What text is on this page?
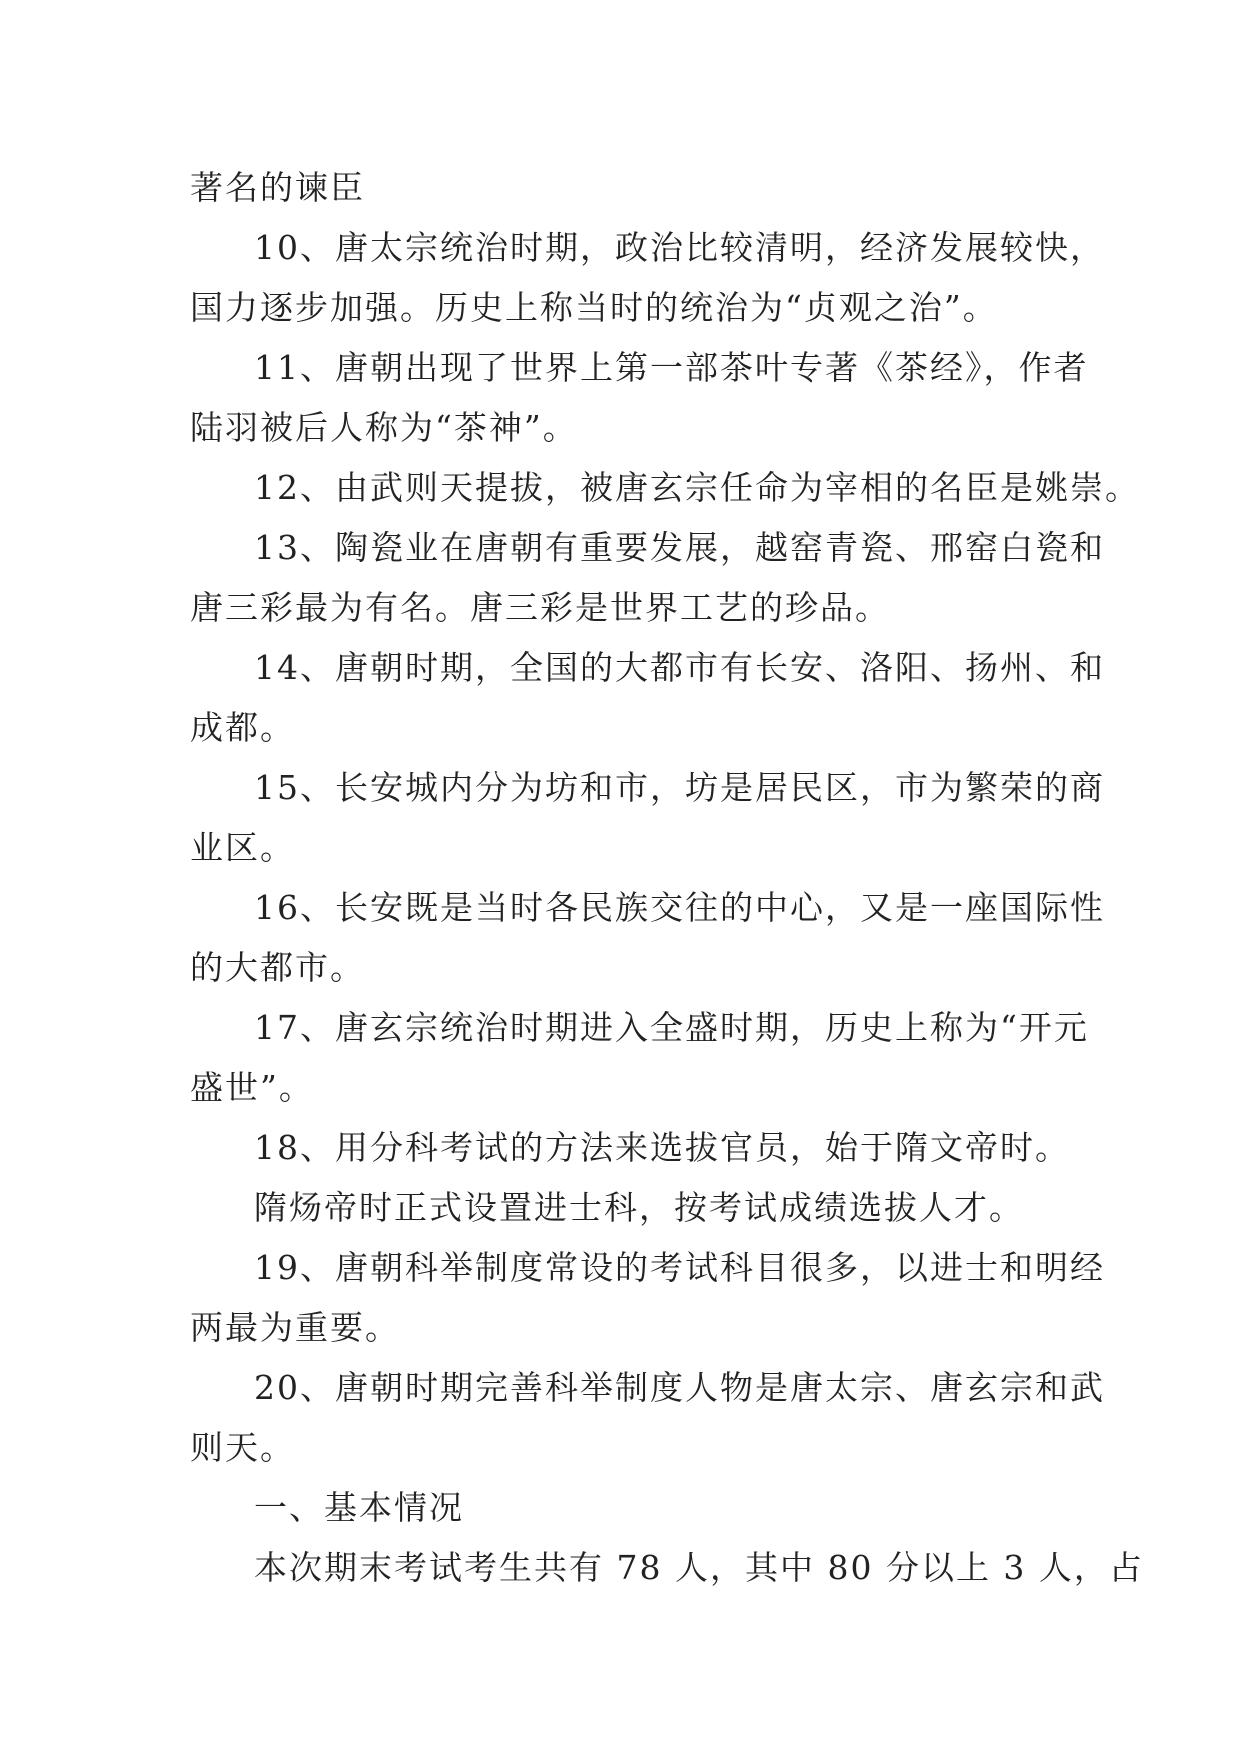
著名的谏臣
10、唐太宗统治时期，政治比较清明，经济发展较快，
国力逐步加强。历史上称当时的统治为“贞观之治”。
11、唐朝出现了世界上第一部茶叶专著《茶经》，作者
陆羽被后人称为“茶神”。
12、由武则天提拔，被唐玄宗任命为宰相的名臣是姚崇。
13、陶瓷业在唐朝有重要发展，越窑青瓷、邢窑白瓷和
唐三彩最为有名。唐三彩是世界工艺的珍品。
14、唐朝时期，全国的大都市有长安、洛阳、扬州、和
成都。
15、长安城内分为坊和市，坊是居民区，市为繁荣的商
业区。
16、长安既是当时各民族交往的中心，又是一座国际性
的大都市。
17、唐玄宗统治时期进入全盛时期，历史上称为“开元
盛世”。
18、用分科考试的方法来选拔官员，始于隋文帝时。
隋炀帝时正式设置进士科，按考试成绩选拔人才。
19、唐朝科举制度常设的考试科目很多，以进士和明经
两最为重要。
20、唐朝时期完善科举制度人物是唐太宗、唐玄宗和武
则天。
一、基本情况
本次期末考试考生共有 78 人，其中 80 分以上 3 人，占
